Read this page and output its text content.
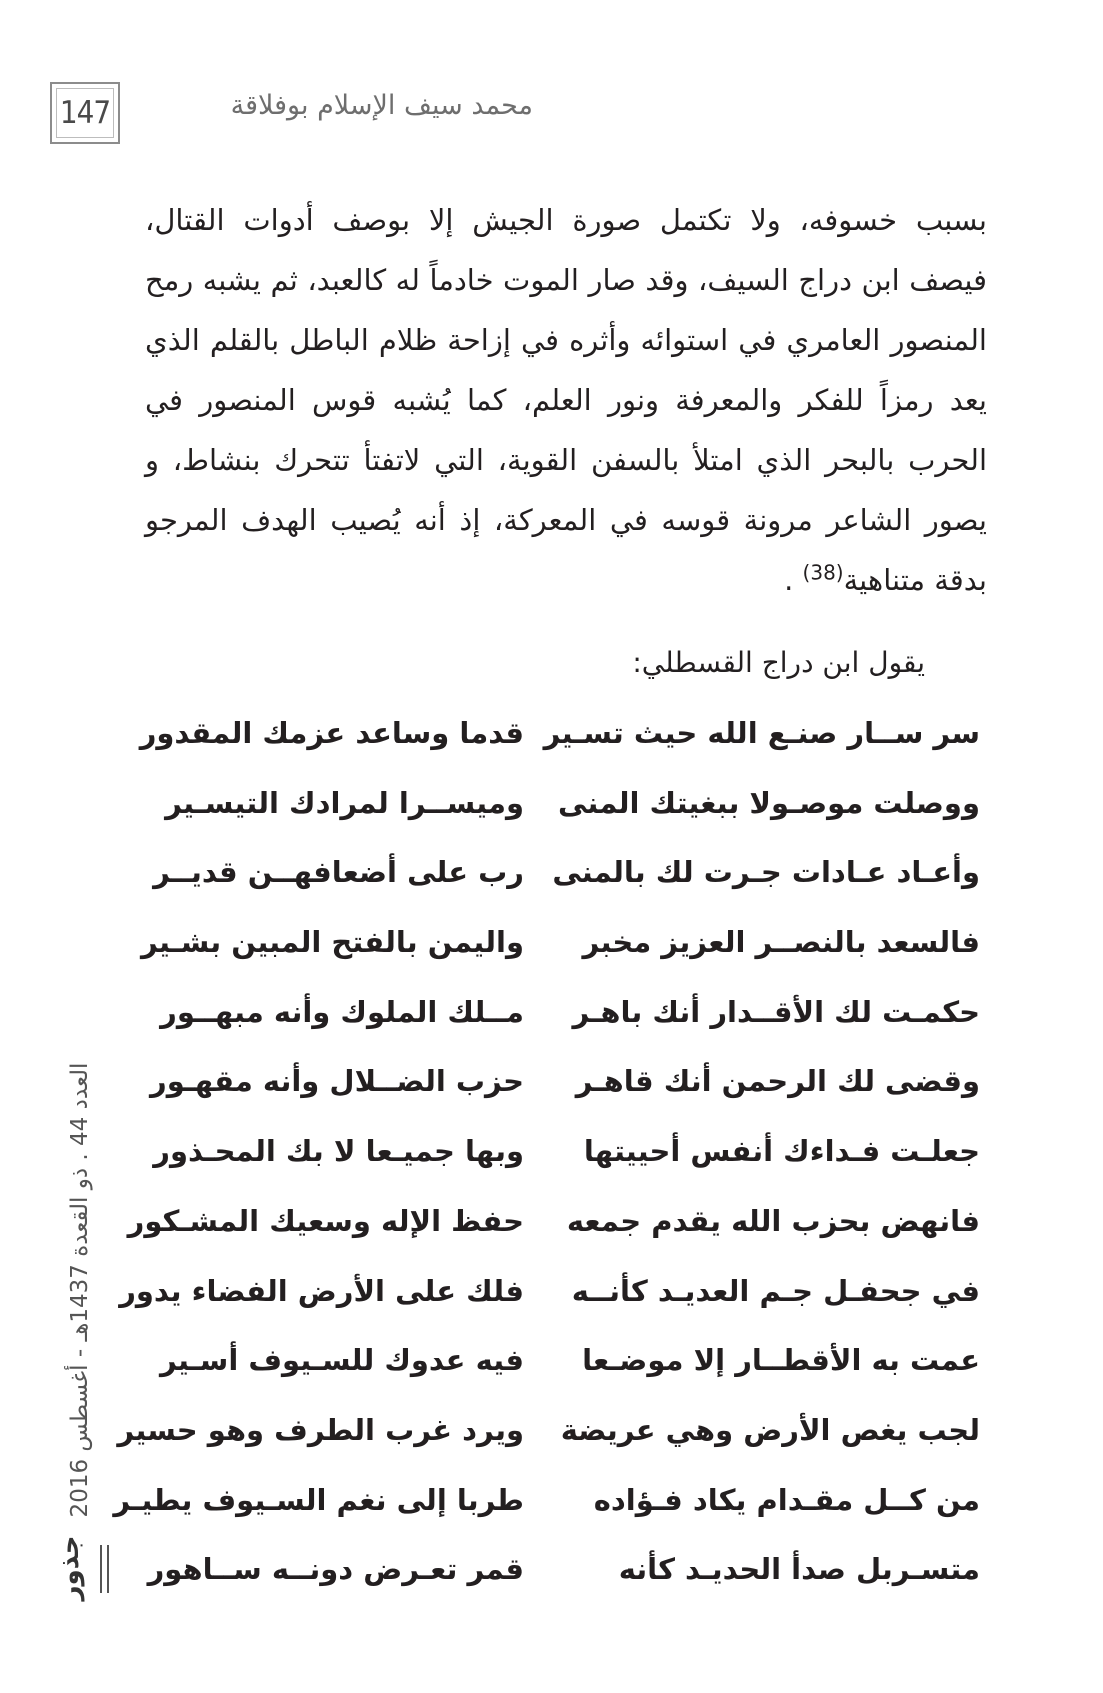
147	محمد سيف الإسلام بوفلاقة

بسبب خسوفه، ولا تكتمل صورة الجيش إلا بوصف أدوات القتال، فيصف ابن دراج السيف، وقد صار الموت خادماً له كالعبد، ثم يشبه رمح المنصور العامري في استوائه وأثره في إزاحة ظلام الباطل بالقلم الذي يعد رمزاً للفكر والمعرفة ونور العلم، كما يُشبه قوس المنصور في الحرب بالبحر الذي امتلأ بالسفن القوية، التي لاتفتأ تتحرك بنشاط، و يصور الشاعر مرونة قوسه في المعركة، إذ أنه يُصيب الهدف المرجو بدقة متناهية$^{(38)}$ .

يقول ابن دراج القسطلي:
سر ســار صنـع الله حيث تسـير
قدما وساعد عزمك المقدور
ووصلت موصـولا ببغيتك المنى
وميســرا لمرادك التيسـير
وأعـاد عـادات جـرت لك بالمنى
رب على أضعافهــن قديــر
فالسعد بالنصــر العزيز مخبر
واليمن بالفتح المبين بشـير
حكمـت لك الأقــدار أنك باهـر
مــلك الملوك وأنه مبهــور
وقضى لك الرحمن أنك قاهـر
حزب الضــلال وأنه مقهـور
جعلـت فـداءك أنفس أحييتها
وبها جميـعا لا بك المحـذور
فانهض بحزب الله يقدم جمعه
حفظ الإله وسعيك المشـكور
في جحفـل جـم العديـد كأنــه
فلك على الأرض الفضاء يدور
عمت به الأقطــار إلا موضـعا
فيه عدوك للسـيوف أسـير
لجب يغص الأرض وهي عريضة
ويرد غرب الطرف وهو حسير
من كــل مقـدام يكاد فـؤاده
طربا إلى نغم السـيوف يطيـر
متسـربل صدأ الحديـد كأنه
قمر تعـرض دونــه ســاهور
العدد 44 . ذو القعدة 1437هـ - أغسطس 2016
جذور
